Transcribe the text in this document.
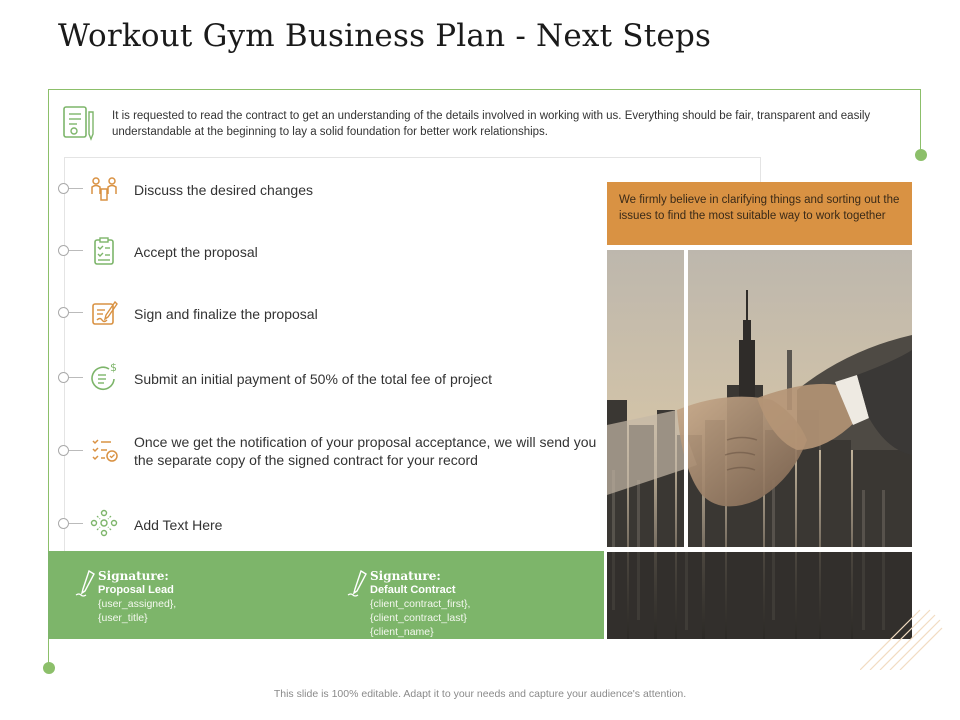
Workout Gym Business Plan - Next Steps
It is requested to read the contract to get an understanding of the details involved in working with us. Everything should be fair, transparent and easily understandable at the beginning to lay a solid foundation for better work relationships.
Discuss the desired changes
Accept the proposal
Sign and finalize the proposal
$
Submit an initial payment of 50% of the total fee of project
Once we get the notification of your proposal acceptance, we will send you the separate copy of the signed contract for your record
Add Text Here
Signature:
Proposal Lead
{user_assigned}, {user_title}
Signature:
Default Contract
{client_contract_first},
{client_contract_last}{client_name}
We firmly believe in clarifying things and sorting out the issues to find the most suitable way to work together
This slide is 100% editable. Adapt it to your needs and capture your audience's attention.
